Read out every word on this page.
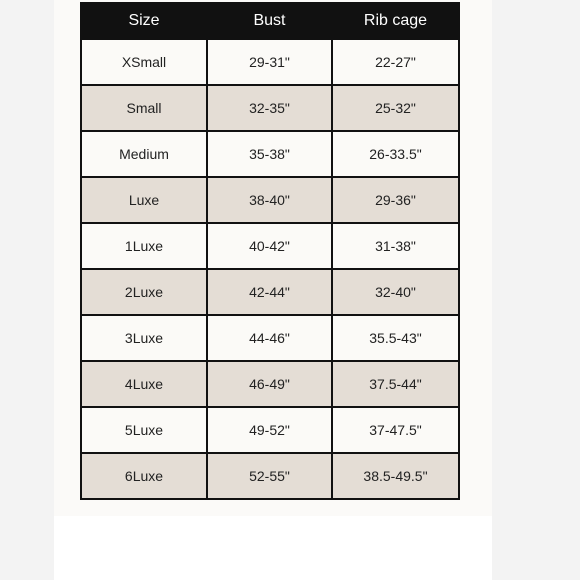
Size	Bust	Rib cage
XSmall	29-31"	22-27"
Small	32-35"	25-32"
Medium	35-38"	26-33.5"
Luxe	38-40"	29-36"
1Luxe	40-42"	31-38"
2Luxe	42-44"	32-40"
3Luxe	44-46"	35.5-43"
4Luxe	46-49"	37.5-44"
5Luxe	49-52"	37-47.5"
6Luxe	52-55"	38.5-49.5"
